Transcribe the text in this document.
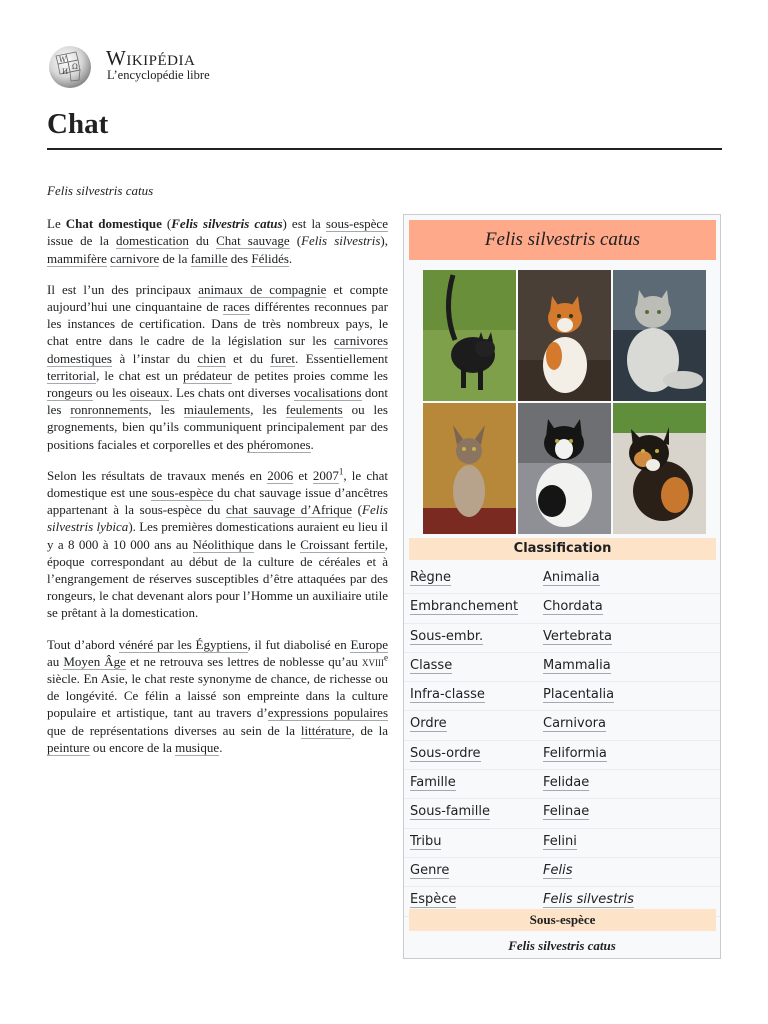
W
Ω
И
Wikipédia
L’encyclopédie libre
Chat

Felis silvestris catus

Le Chat domestique (Felis silvestris catus) est la sous-espèce issue de la domestication du Chat sauvage (Felis silvestris), mammifère carnivore de la famille des Félidés.

Il est l’un des principaux animaux de compagnie et compte aujourd’hui une cinquantaine de races différentes reconnues par les instances de certification. Dans de très nombreux pays, le chat entre dans le cadre de la législation sur les carnivores domestiques à l’instar du chien et du furet. Essentiellement territorial, le chat est un prédateur de petites proies comme les rongeurs ou les oiseaux. Les chats ont diverses vocalisations dont les ronronnements, les miaulements, les feulements ou les grognements, bien qu’ils communiquent principalement par des positions faciales et corporelles et des phéromones.

Selon les résultats de travaux menés en 2006 et 2007$^1$, le chat domestique est une sous-espèce du chat sauvage issue d’ancêtres appartenant à la sous-espèce du chat sauvage d’Afrique (Felis silvestris lybica). Les premières domestications auraient eu lieu il y a 8 000 à 10 000 ans au Néolithique dans le Croissant fertile, époque correspondant au début de la culture de céréales et à l’engrangement de réserves susceptibles d’être attaquées par des rongeurs, le chat devenant alors pour l’Homme un auxiliaire utile se prêtant à la domestication.

Tout d’abord vénéré par les Égyptiens, il fut diabolisé en Europe au Moyen Âge et ne retrouva ses lettres de noblesse qu’au xviii$^e$ siècle. En Asie, le chat reste synonyme de chance, de richesse ou de longévité. Ce félin a laissé son empreinte dans la culture populaire et artistique, tant au travers d’expressions populaires que de représentations diverses au sein de la littérature, de la peinture ou encore de la musique.

Felis silvestris catus
Classification
Règne	Animalia
Embranchement Chordata
Sous-embr.	Vertebrata
Classe	Mammalia
Infra-classe	Placentalia
Ordre	Carnivora
Sous-ordre	Feliformia
Famille	Felidae
Sous-famille	Felinae
Tribu	Felini
Genre	Felis
Espèce	Felis silvestris
Sous-espèce
Felis silvestris catus
